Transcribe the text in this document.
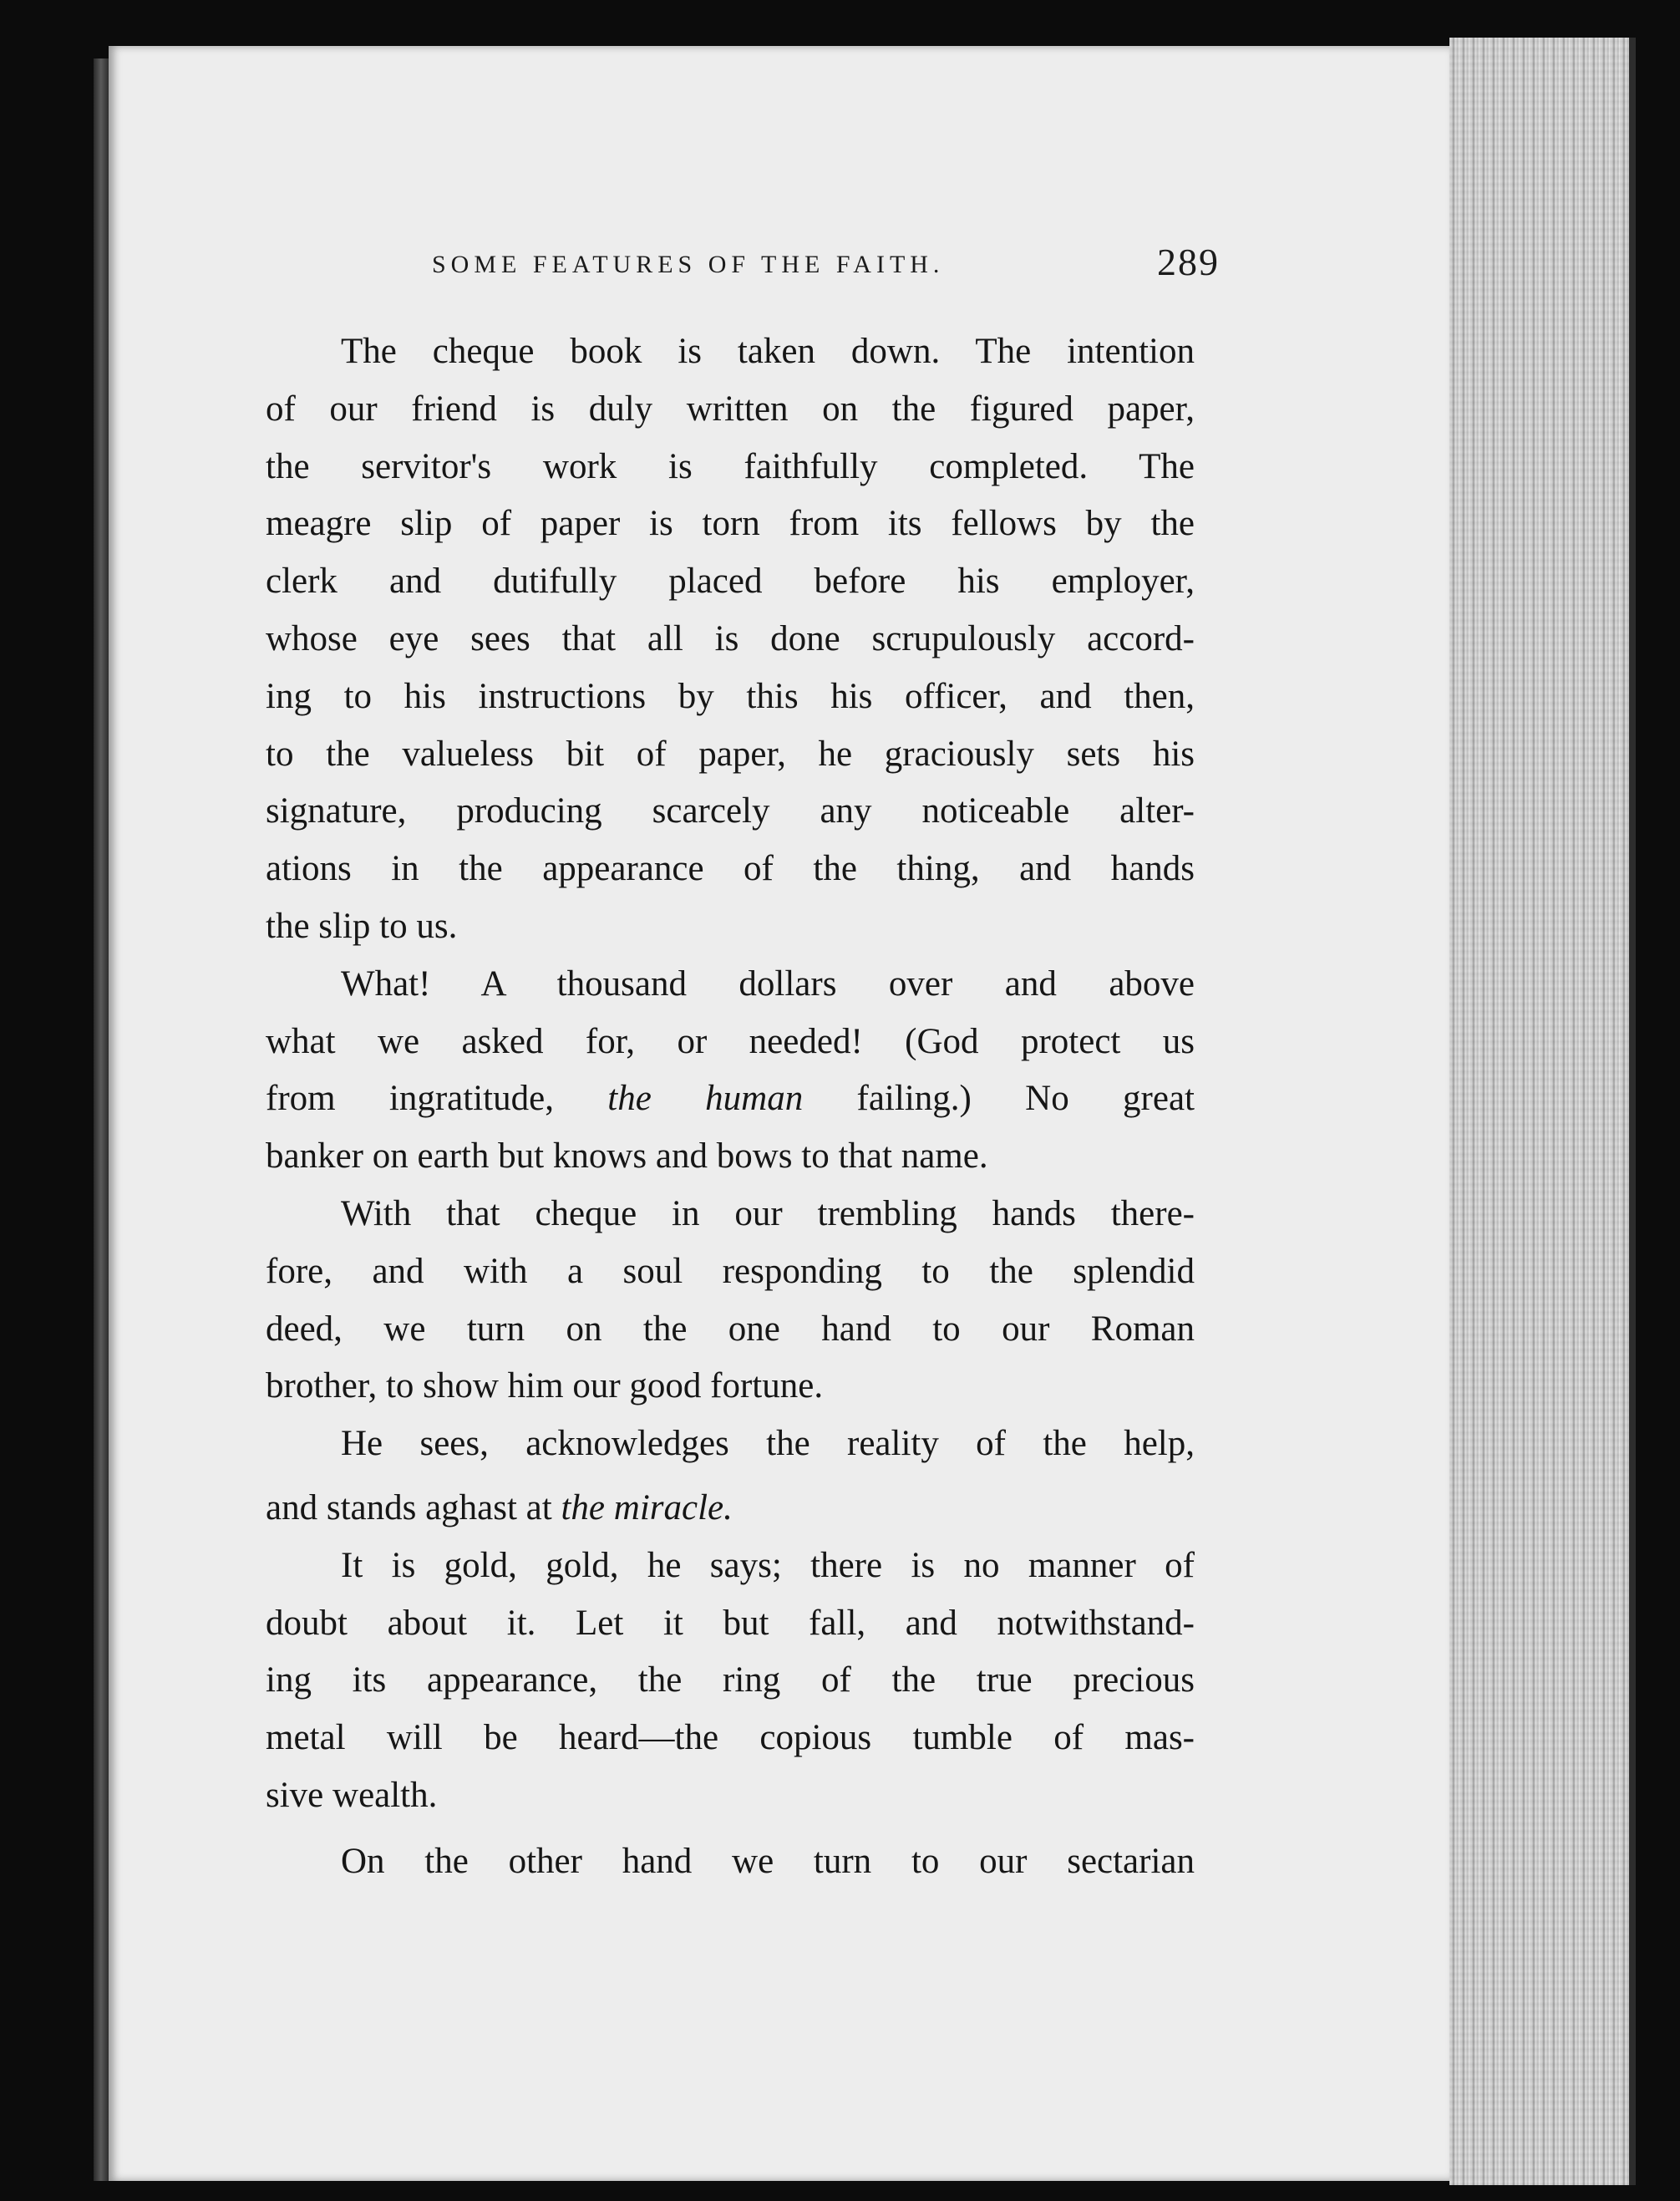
SOME FEATURES OF THE FAITH.	289
The cheque book is taken down. The intention
of our friend is duly written on the figured paper,
the servitor's work is faithfully completed. The
meagre slip of paper is torn from its fellows by the
clerk and dutifully placed before his employer,
whose eye sees that all is done scrupulously accord-
ing to his instructions by this his officer, and then,
to the valueless bit of paper, he graciously sets his
signature, producing scarcely any noticeable alter-
ations in the appearance of the thing, and hands
the slip to us.
What! A thousand dollars over and above
what we asked for, or needed! (God protect us
from ingratitude, the human failing.) No great
banker on earth but knows and bows to that name.
With that cheque in our trembling hands there-
fore, and with a soul responding to the splendid
deed, we turn on the one hand to our Roman
brother, to show him our good fortune.
He sees, acknowledges the reality of the help,
and stands aghast at the miracle.
It is gold, gold, he says; there is no manner of
doubt about it. Let it but fall, and notwithstand-
ing its appearance, the ring of the true precious
metal will be heard—the copious tumble of mas-
sive wealth.
On the other hand we turn to our sectarian
